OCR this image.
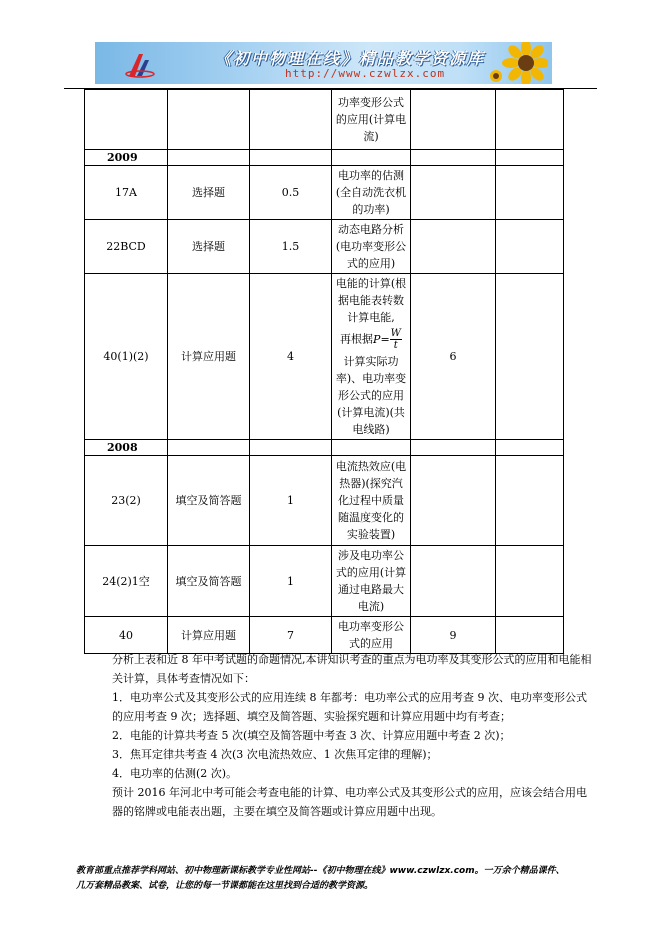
《初中物理在线》精品教学资源库
http://www.czwlzx.com
			功率变形公式的应用(计算电流)		
2009					
17A	选择题	0.5	电功率的估测(全自动洗衣机的功率)		
22BCD	选择题	1.5	动态电路分析(电功率变形公式的应用)		
40(1)(2)	计算应用题	4	电能的计算(根据电能表转数计算电能,
再根据$P= \frac{W}{t}$
计算实际功率)、电功率变形公式的应用(计算电流)(共电线路)	6	
2008					
23(2)	填空及简答题	1	电流热效应(电热器)(探究汽化过程中质量随温度变化的实验装置)		
24(2)1空	填空及简答题	1	涉及电功率公式的应用(计算通过电路最大电流)		
40	计算应用题	7	电功率变形公式的应用	9	
分析上表和近 8 年中考试题的命题情况,本讲知识考查的重点为电功率及其变形公式的应用和电能相关计算，具体考查情况如下：
1．电功率公式及其变形公式的应用连续 8 年都考：电功率公式的应用考查 9 次、电功率变形公式的应用考查 9 次；选择题、填空及简答题、实验探究题和计算应用题中均有考查；
2．电能的计算共考查 5 次(填空及简答题中考查 3 次、计算应用题中考查 2 次)；
3．焦耳定律共考查 4 次(3 次电流热效应、1 次焦耳定律的理解)；
4．电功率的估测(2 次)。
预计 2016 年河北中考可能会考查电能的计算、电功率公式及其变形公式的应用，应该会结合用电器的铭牌或电能表出题，主要在填空及简答题或计算应用题中出现。
教育部重点推荐学科网站、初中物理新课标教学专业性网站--《初中物理在线》www.czwlzx.com。一万余个精品课件、
几万套精品教案、试卷，让您的每一节课都能在这里找到合适的教学资源。
